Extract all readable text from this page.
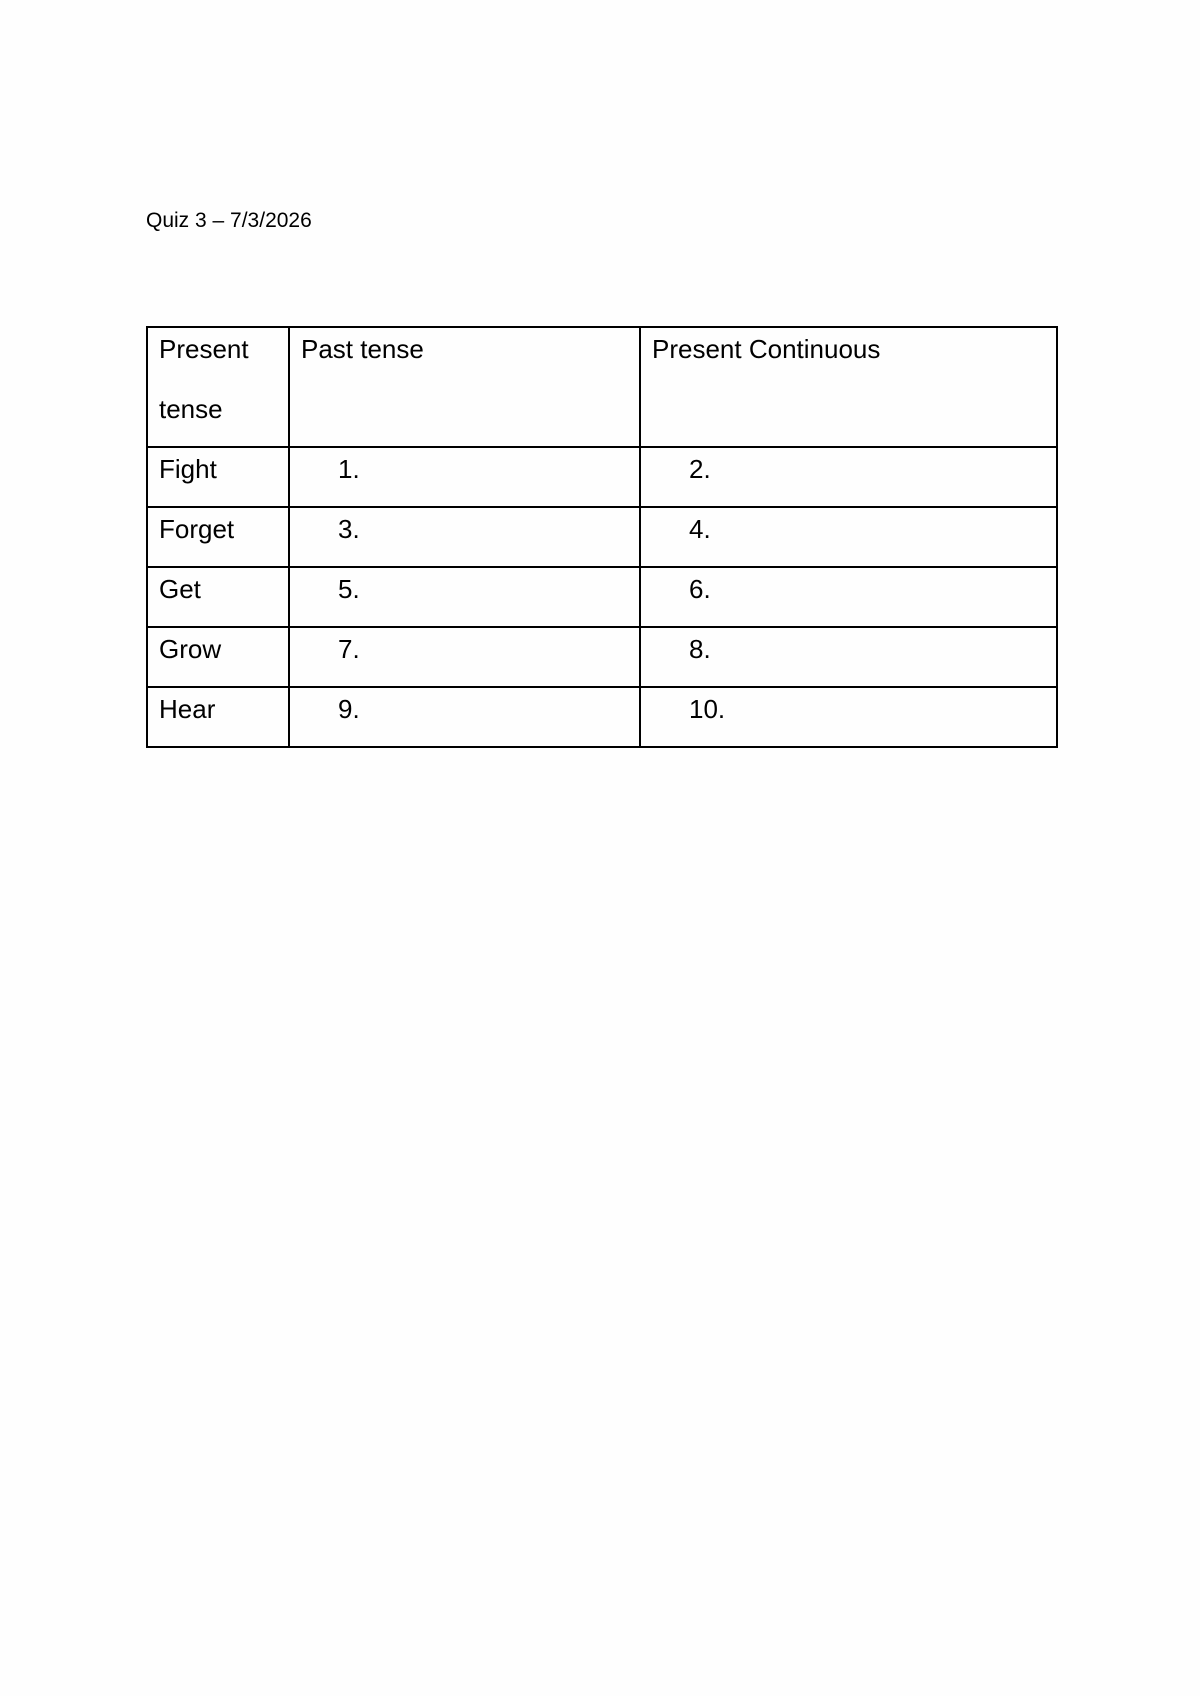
Quiz 3 – 7/3/2026
Present
tense	Past tense	Present Continuous
Fight	1.	2.
Forget	3.	4.
Get	5.	6.
Grow	7.	8.
Hear	9.	10.
